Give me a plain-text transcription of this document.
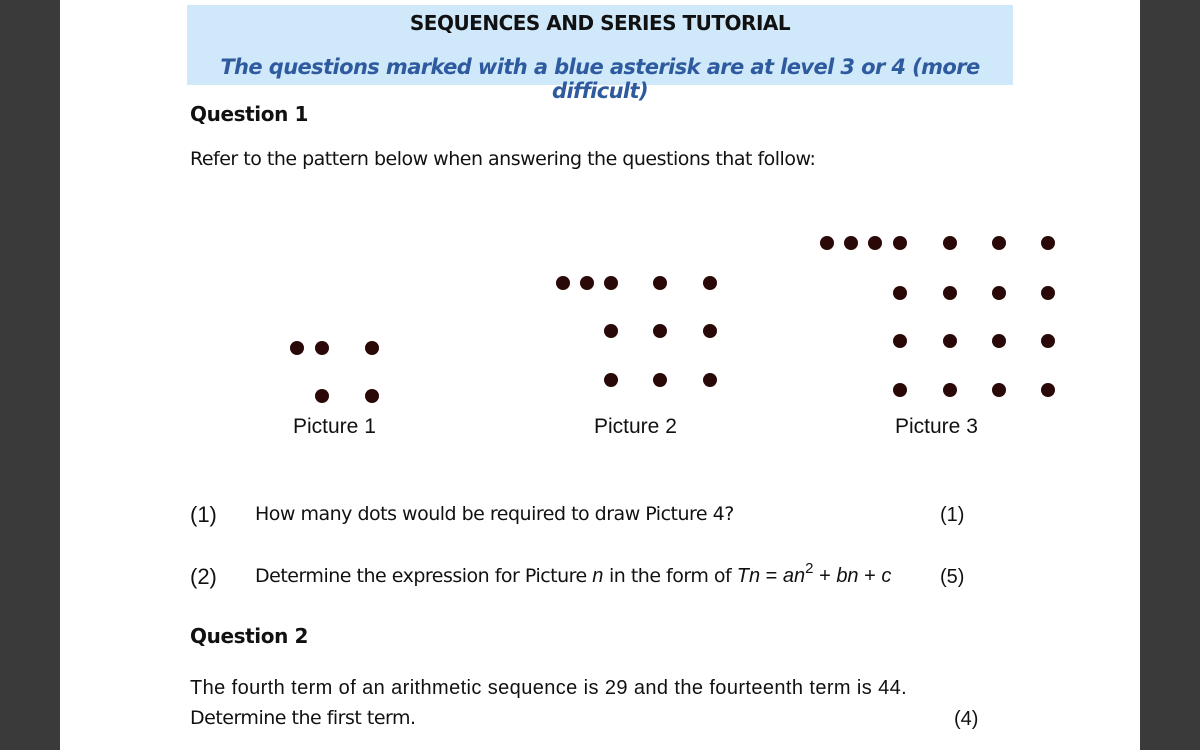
SEQUENCES AND SERIES TUTORIAL
The questions marked with a blue asterisk are at level 3 or 4 (more difficult)
Question 1
Refer to the pattern below when answering the questions that follow:
Picture 1	Picture 2	Picture 3
(1) How many dots would be required to draw Picture 4?	(1)
(2) Determine the expression for Picture n in the form of $Tn = an^2$ + bn + c (5)
Question 2
The fourth term of an arithmetic sequence is 29 and the fourteenth term is 44.
Determine the first term.	(4)
